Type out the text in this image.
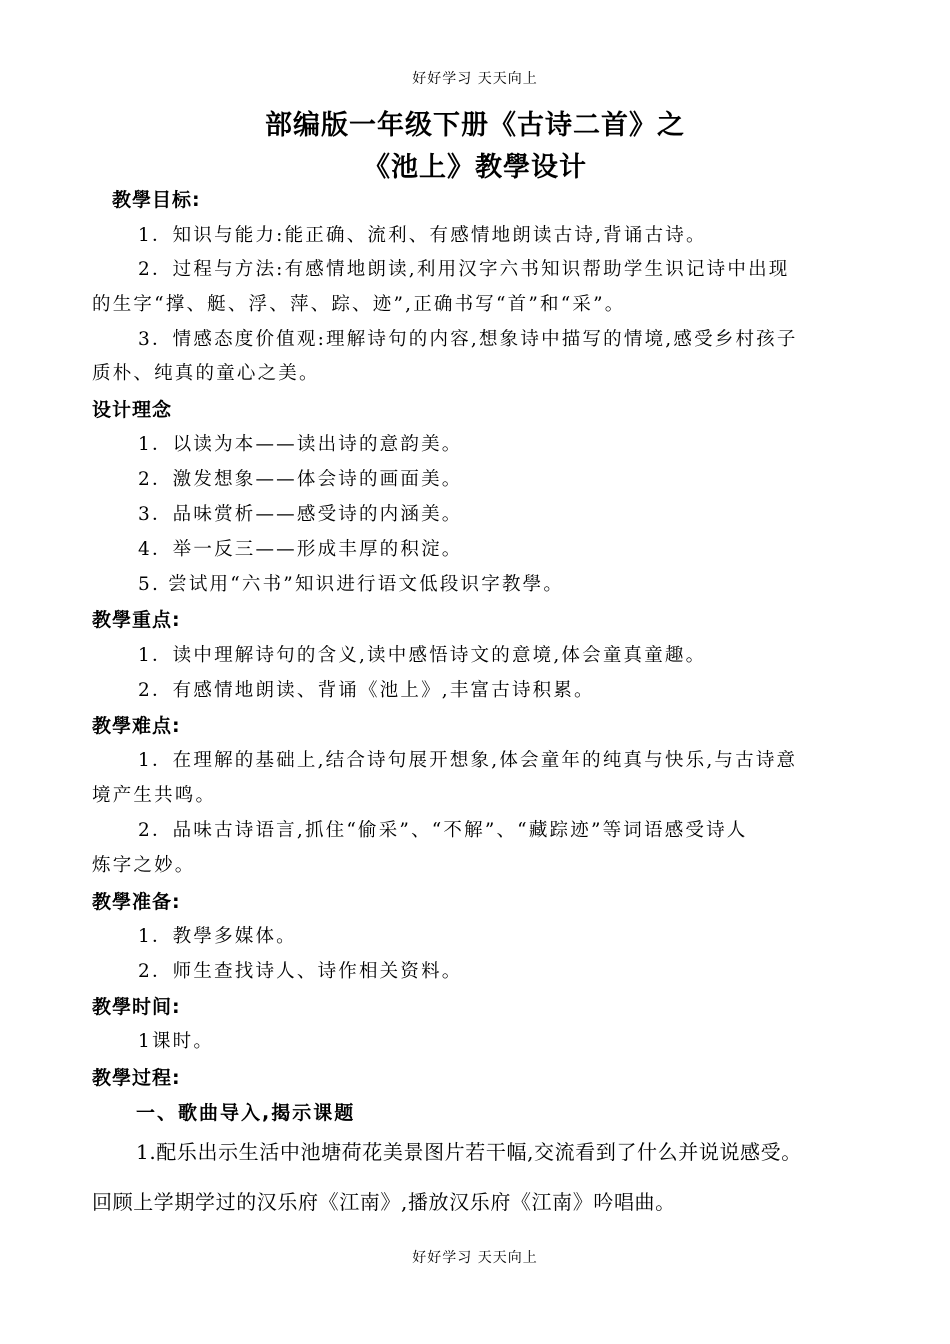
好好学习 天天向上
部编版一年级下册《古诗二首》之
《池上》教學设计
教學目标:
1．知识与能力:能正确、流利、有感情地朗读古诗,背诵古诗。
2．过程与方法:有感情地朗读,利用汉字六书知识帮助学生识记诗中出现
的生字“撑、艇、浮、萍、踪、迹”,正确书写“首”和“采”。
3．情感态度价值观:理解诗句的内容,想象诗中描写的情境,感受乡村孩子
质朴、纯真的童心之美。
设计理念
1．以读为本——读出诗的意韵美。
2．激发想象——体会诗的画面美。
3．品味赏析——感受诗的内涵美。
4．举一反三——形成丰厚的积淀。
5. 尝试用“六书”知识进行语文低段识字教學。
教學重点:
1．读中理解诗句的含义,读中感悟诗文的意境,体会童真童趣。
2．有感情地朗读、背诵《池上》,丰富古诗积累。
教學难点:
1．在理解的基础上,结合诗句展开想象,体会童年的纯真与快乐,与古诗意
境产生共鸣。
2．品味古诗语言,抓住“偷采”、“不解”、“藏踪迹”等词语感受诗人
炼字之妙。
教學准备:
1．教學多媒体。
2．师生查找诗人、诗作相关资料。
教學时间:
1课时。
教學过程:
一、歌曲导入,揭示课题
1.配乐出示生活中池塘荷花美景图片若干幅,交流看到了什么并说说感受。
回顾上学期学过的汉乐府《江南》,播放汉乐府《江南》吟唱曲。
好好学习 天天向上
